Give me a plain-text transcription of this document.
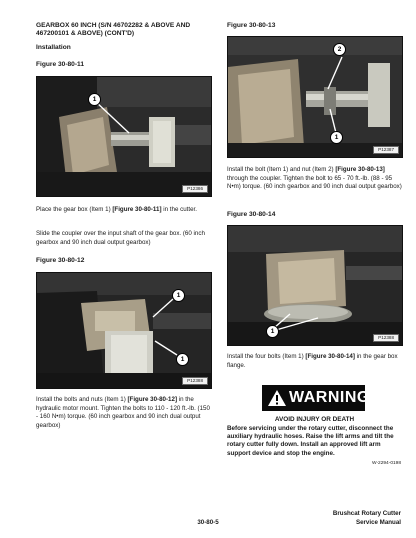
GEARBOX 60 INCH (S/N 46702282 & ABOVE AND 467200101 & ABOVE) (CONT'D)
Installation
Figure 30-80-11
1
P12386
Place the gear box (Item 1) [Figure 30-80-11] in the cutter.
Slide the coupler over the input shaft of the gear box. (60 inch gearbox and 90 inch dual output gearbox)
Figure 30-80-12
1
1
P12388
Install the bolts and nuts (Item 1) [Figure 30-80-12] in the hydraulic motor mount. Tighten the bolts to 110 - 120 ft.-lb. (150 - 160 N•m) torque. (60 inch gearbox and 90 inch dual output gearbox)
Figure 30-80-13
2
1
P12387
Install the bolt (Item 1) and nut (Item 2) [Figure 30-80-13] through the coupler. Tighten the bolt to 65 - 70 ft.-lb. (88 - 95 N•m) torque. (60 inch gearbox and 90 inch dual output gearbox)
Figure 30-80-14
1
P12388
Install the four bolts (Item 1) [Figure 30-80-14] in the gear box flange.
WARNING
AVOID INJURY OR DEATH
Before servicing under the rotary cutter, disconnect the auxiliary hydraulic hoses. Raise the lift arms and tilt the rotary cutter fully down. Install an approved lift arm support device and stop the engine.
W-2294-0198
Brushcat Rotary Cutter
Service Manual
30-80-5
